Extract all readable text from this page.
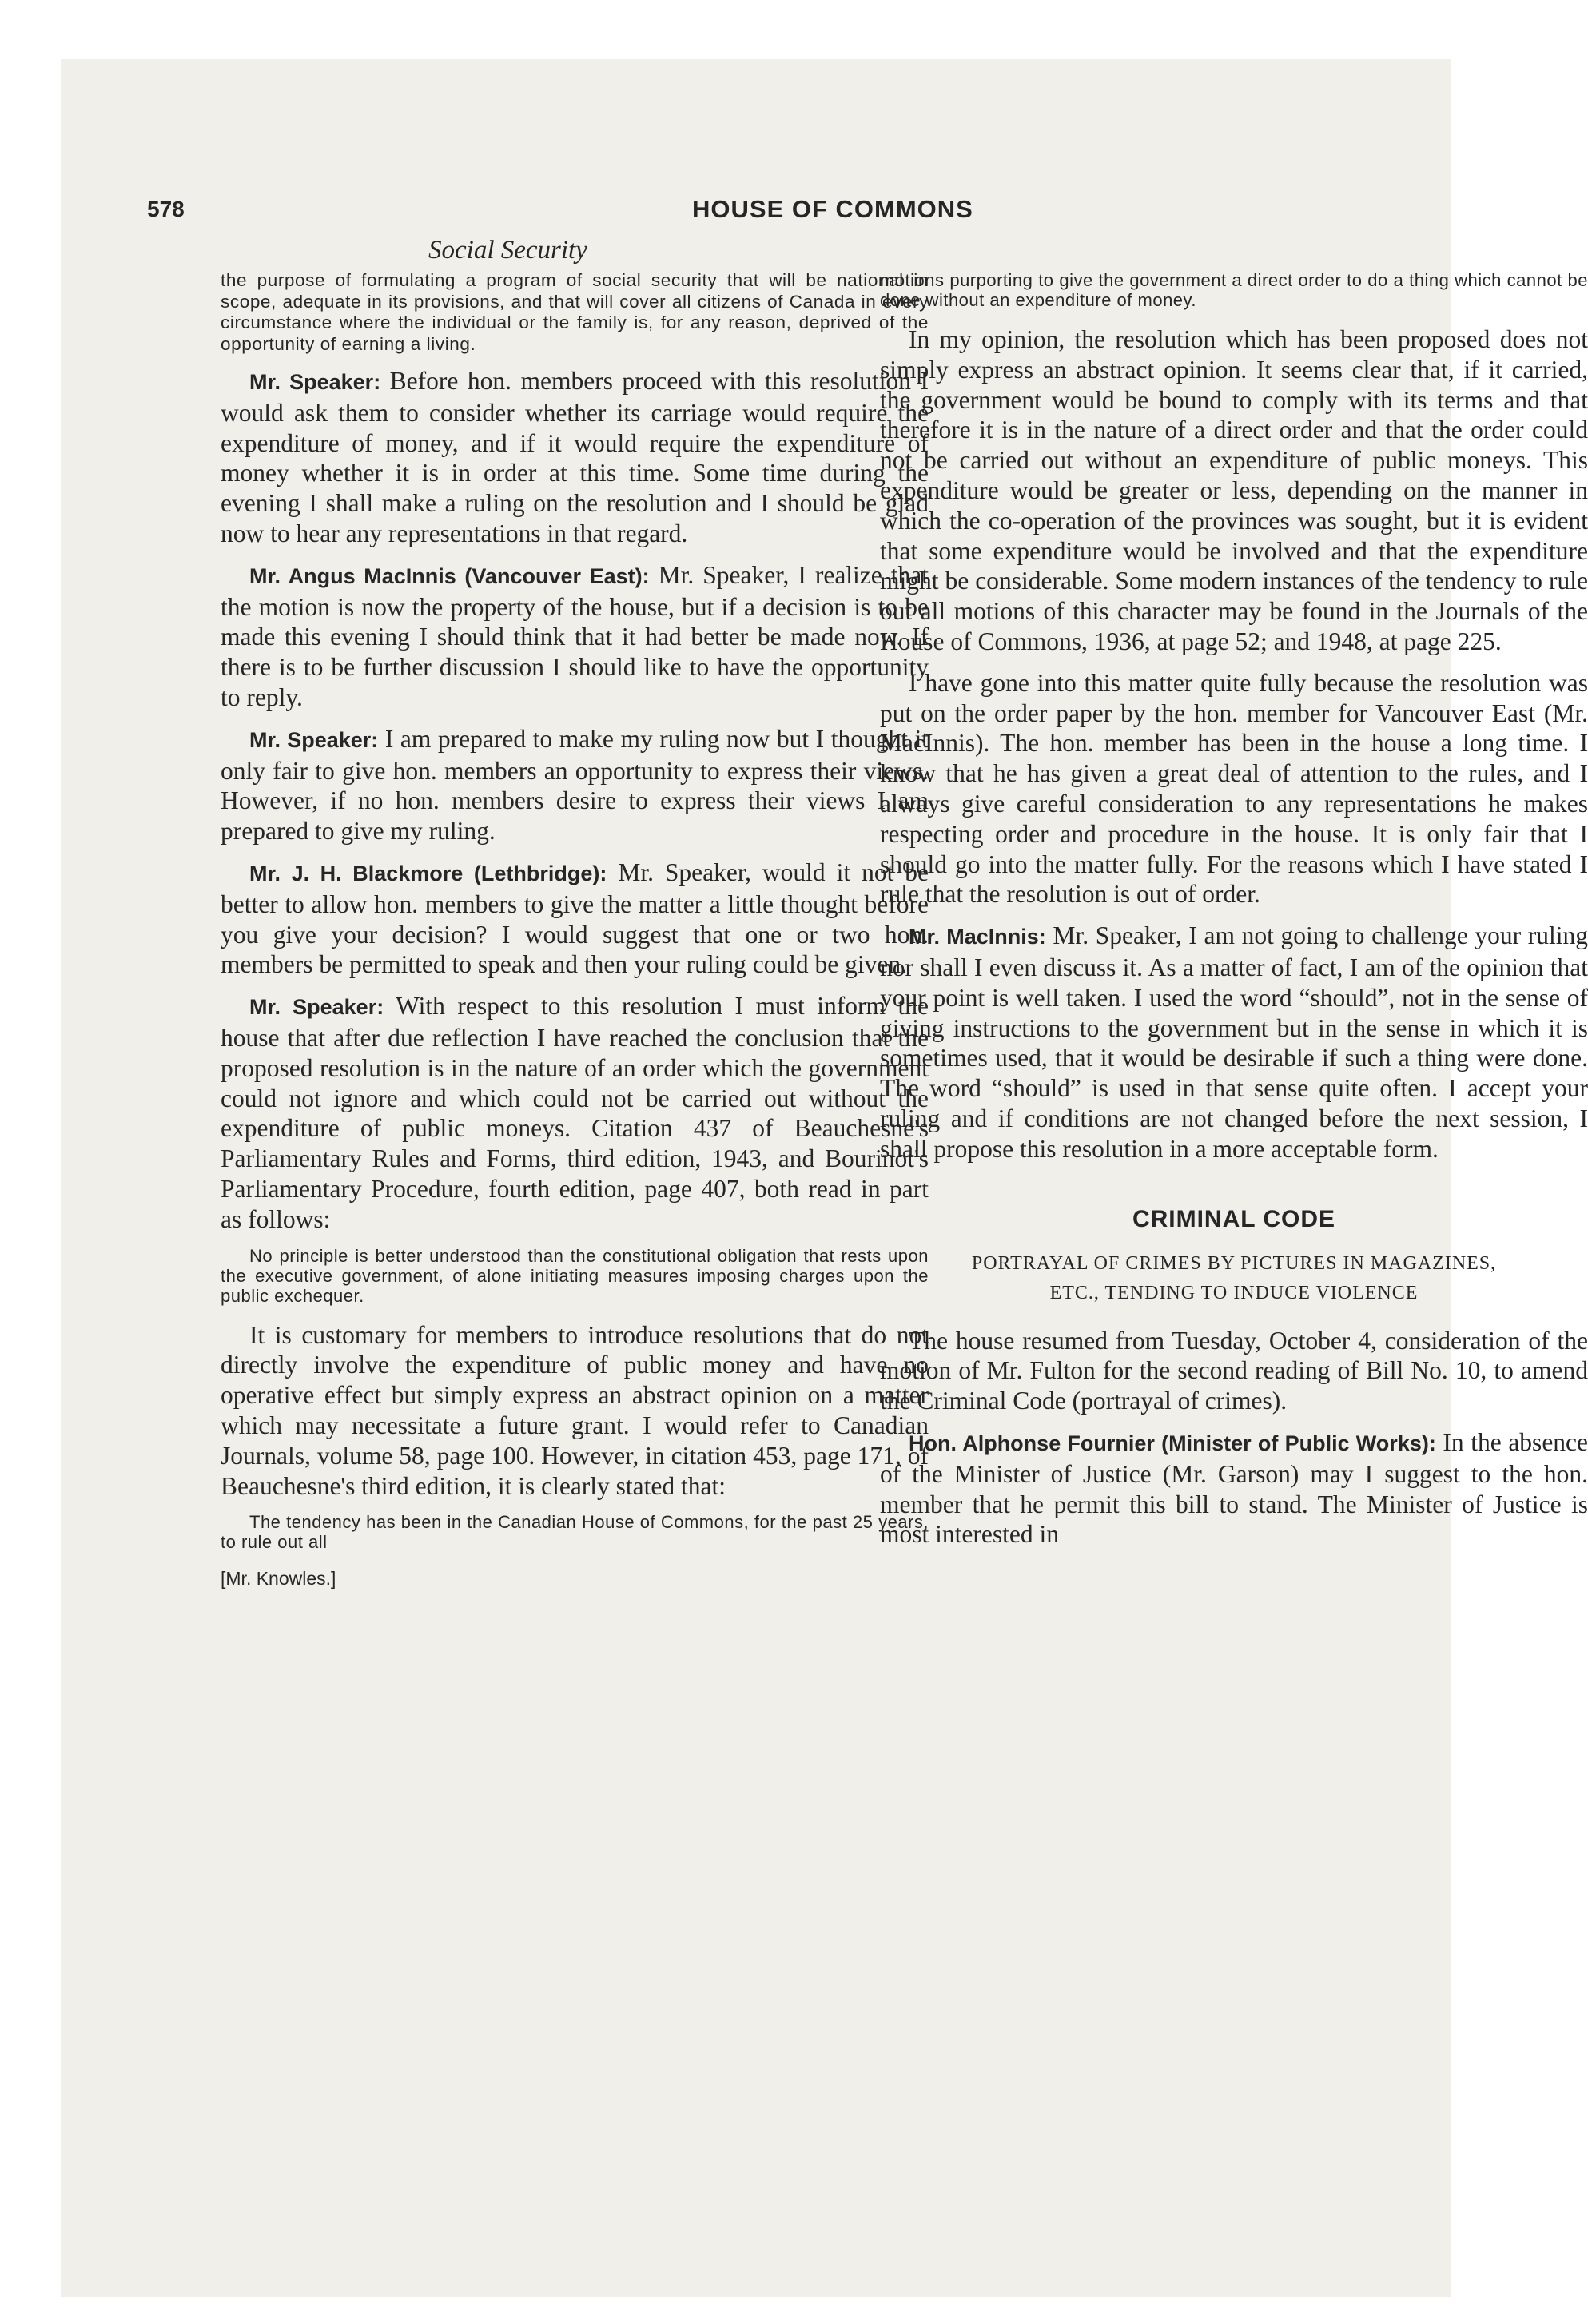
578	HOUSE OF COMMONS
Social Security

the purpose of formulating a program of social security that will be national in scope, adequate in its provisions, and that will cover all citizens of Canada in every circumstance where the individual or the family is, for any reason, deprived of the opportunity of earning a living.

Mr. Speaker: Before hon. members proceed with this resolution I would ask them to consider whether its carriage would require the expenditure of money, and if it would require the expenditure of money whether it is in order at this time. Some time during the evening I shall make a ruling on the resolution and I should be glad now to hear any representations in that regard.

Mr. Angus MacInnis (Vancouver East): Mr. Speaker, I realize that the motion is now the property of the house, but if a decision is to be made this evening I should think that it had better be made now. If there is to be further discussion I should like to have the opportunity to reply.

Mr. Speaker: I am prepared to make my ruling now but I thought it only fair to give hon. members an opportunity to express their views. However, if no hon. members desire to express their views I am prepared to give my ruling.

Mr. J. H. Blackmore (Lethbridge): Mr. Speaker, would it not be better to allow hon. members to give the matter a little thought before you give your decision? I would suggest that one or two hon. members be permitted to speak and then your ruling could be given.

Mr. Speaker: With respect to this resolution I must inform the house that after due reflection I have reached the conclusion that the proposed resolution is in the nature of an order which the government could not ignore and which could not be carried out without the expenditure of public moneys. Citation 437 of Beauchesne's Parliamentary Rules and Forms, third edition, 1943, and Bourinot's Parliamentary Procedure, fourth edition, page 407, both read in part as follows:

No principle is better understood than the constitutional obligation that rests upon the executive government, of alone initiating measures imposing charges upon the public exchequer.

It is customary for members to introduce resolutions that do not directly involve the expenditure of public money and have no operative effect but simply express an abstract opinion on a matter which may necessitate a future grant. I would refer to Canadian Journals, volume 58, page 100. However, in citation 453, page 171, of Beauchesne's third edition, it is clearly stated that:

The tendency has been in the Canadian House of Commons, for the past 25 years, to rule out all

[Mr. Knowles.]

motions purporting to give the government a direct order to do a thing which cannot be done without an expenditure of money.

In my opinion, the resolution which has been proposed does not simply express an abstract opinion. It seems clear that, if it carried, the government would be bound to comply with its terms and that therefore it is in the nature of a direct order and that the order could not be carried out without an expenditure of public moneys. This expenditure would be greater or less, depending on the manner in which the co-operation of the provinces was sought, but it is evident that some expenditure would be involved and that the expenditure might be considerable. Some modern instances of the tendency to rule out all motions of this character may be found in the Journals of the House of Commons, 1936, at page 52; and 1948, at page 225.

I have gone into this matter quite fully because the resolution was put on the order paper by the hon. member for Vancouver East (Mr. MacInnis). The hon. member has been in the house a long time. I know that he has given a great deal of attention to the rules, and I always give careful consideration to any representations he makes respecting order and procedure in the house. It is only fair that I should go into the matter fully. For the reasons which I have stated I rule that the resolution is out of order.

Mr. MacInnis: Mr. Speaker, I am not going to challenge your ruling nor shall I even discuss it. As a matter of fact, I am of the opinion that your point is well taken. I used the word “should”, not in the sense of giving instructions to the government but in the sense in which it is sometimes used, that it would be desirable if such a thing were done. The word “should” is used in that sense quite often. I accept your ruling and if conditions are not changed before the next session, I shall propose this resolution in a more acceptable form.

CRIMINAL CODE
PORTRAYAL OF CRIMES BY PICTURES IN MAGAZINES, ETC., TENDING TO INDUCE VIOLENCE

The house resumed from Tuesday, October 4, consideration of the motion of Mr. Fulton for the second reading of Bill No. 10, to amend the Criminal Code (portrayal of crimes).

Hon. Alphonse Fournier (Minister of Public Works): In the absence of the Minister of Justice (Mr. Garson) may I suggest to the hon. member that he permit this bill to stand. The Minister of Justice is most interested in
